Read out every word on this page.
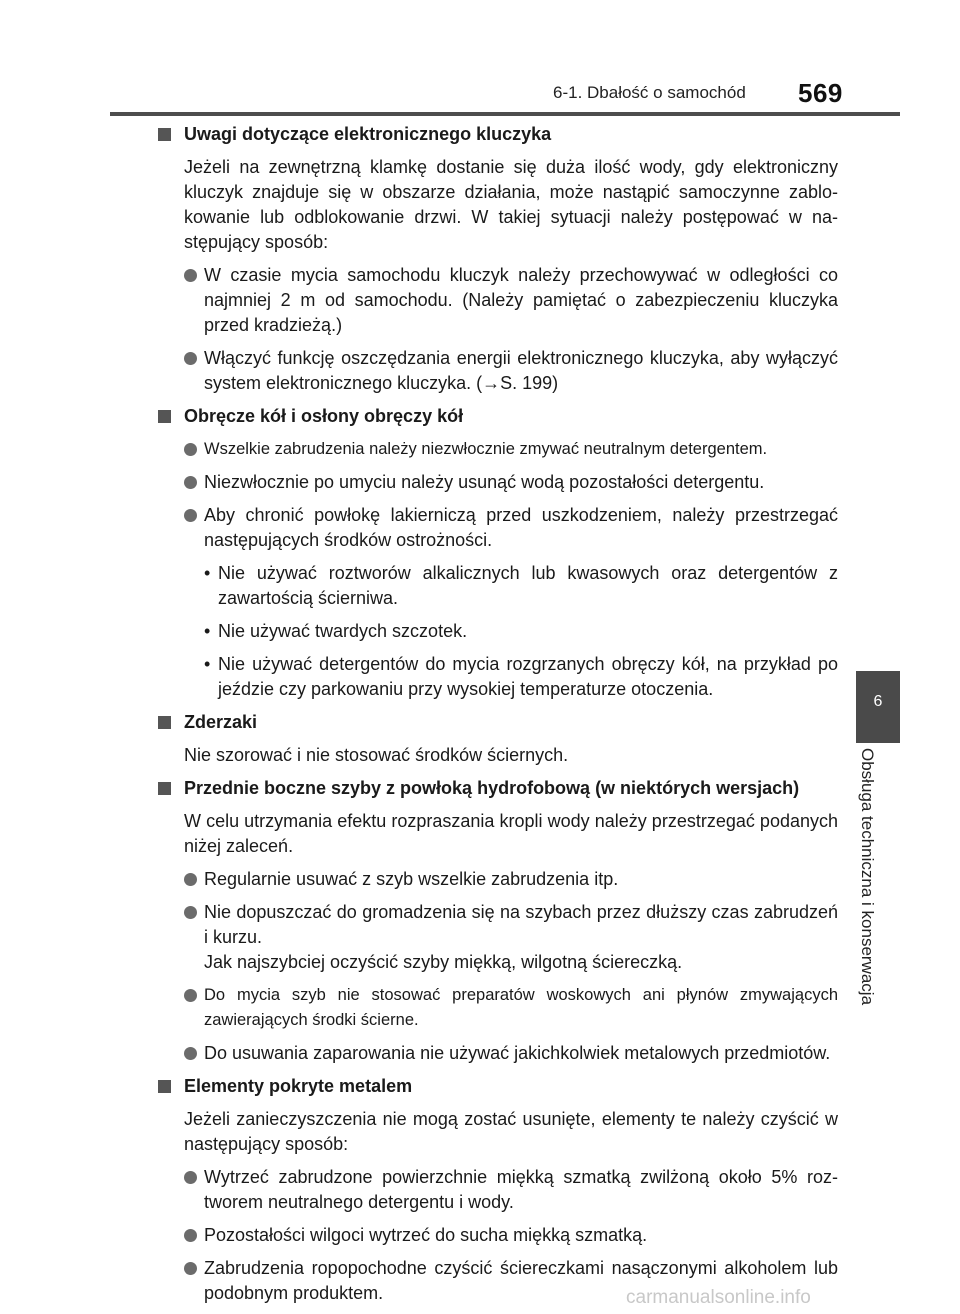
6-1. Dbałość o samochód 569
6
Obsługa techniczna i konserwacja
Uwagi dotyczące elektronicznego kluczyka
Jeżeli na zewnętrzną klamkę dostanie się duża ilość wody, gdy elektroniczny kluczyk znajduje się w obszarze działania, może nastąpić samoczynne zablokowanie lub odblokowanie drzwi. W takiej sytuacji należy postępować w następujący sposób:
W czasie mycia samochodu kluczyk należy przechowywać w odległości co najmniej 2 m od samochodu. (Należy pamiętać o zabezpieczeniu kluczyka przed kradzieżą.)
Włączyć funkcję oszczędzania energii elektronicznego kluczyka, aby wyłączyć system elektronicznego kluczyka. (→S. 199)
Obręcze kół i osłony obręczy kół
Wszelkie zabrudzenia należy niezwłocznie zmywać neutralnym detergentem.
Niezwłocznie po umyciu należy usunąć wodą pozostałości detergentu.
Aby chronić powłokę lakierniczą przed uszkodzeniem, należy przestrzegać następujących środków ostrożności.
• Nie używać roztworów alkalicznych lub kwasowych oraz detergentów z zawartością ścierniwa.
• Nie używać twardych szczotek.
• Nie używać detergentów do mycia rozgrzanych obręczy kół, na przykład po jeździe czy parkowaniu przy wysokiej temperaturze otoczenia.
Zderzaki
Nie szorować i nie stosować środków ściernych.
Przednie boczne szyby z powłoką hydrofobową (w niektórych wersjach)
W celu utrzymania efektu rozpraszania kropli wody należy przestrzegać podanych niżej zaleceń.
Regularnie usuwać z szyb wszelkie zabrudzenia itp.
Nie dopuszczać do gromadzenia się na szybach przez dłuższy czas zabrudzeń i kurzu.
Jak najszybciej oczyścić szyby miękką, wilgotną ściereczką.
Do mycia szyb nie stosować preparatów woskowych ani płynów zmywających zawierających środki ścierne.
Do usuwania zaparowania nie używać jakichkolwiek metalowych przedmiotów.
Elementy pokryte metalem
Jeżeli zanieczyszczenia nie mogą zostać usunięte, elementy te należy czyścić w następujący sposób:
Wytrzeć zabrudzone powierzchnie miękką szmatką zwilżoną około 5% roztworem neutralnego detergentu i wody.
Pozostałości wilgoci wytrzeć do sucha miękką szmatką.
Zabrudzenia ropopochodne czyścić ściereczkami nasączonymi alkoholem lub podobnym produktem.	carmanualsonline.info
